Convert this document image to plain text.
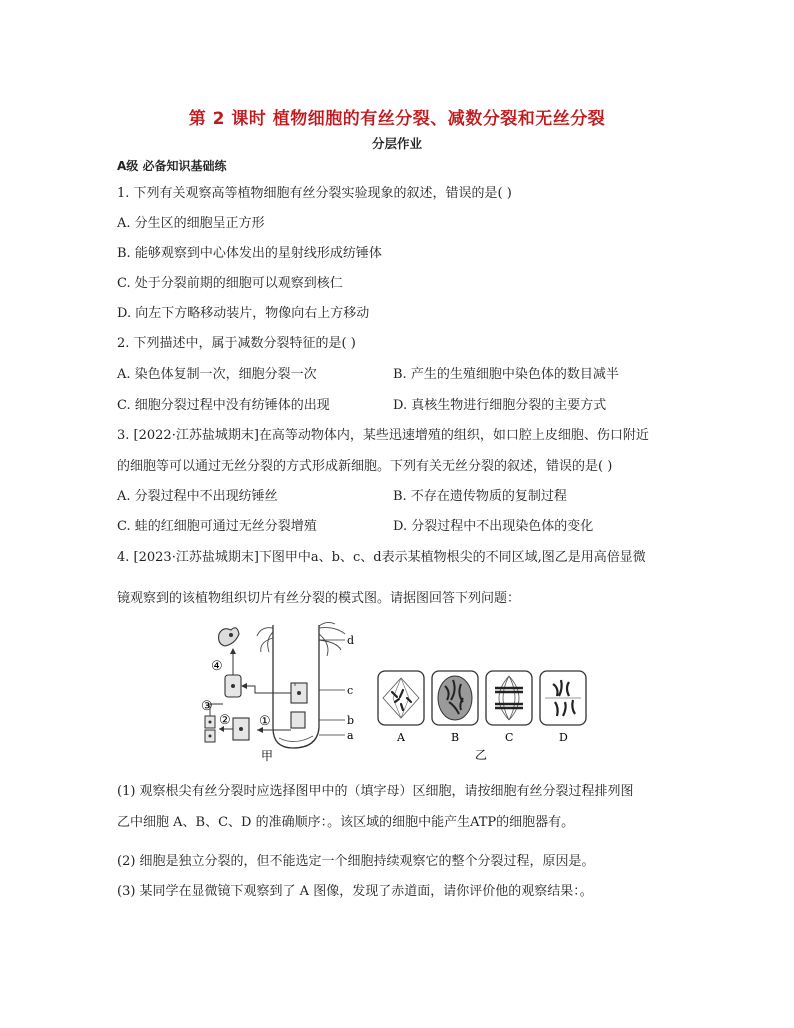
第 2 课时 植物细胞的有丝分裂、减数分裂和无丝分裂
分层作业
A级 必备知识基础练
1. 下列有关观察高等植物细胞有丝分裂实验现象的叙述，错误的是( )
A. 分生区的细胞呈正方形
B. 能够观察到中心体发出的星射线形成纺锤体
C. 处于分裂前期的细胞可以观察到核仁
D. 向左下方略移动装片，物像向右上方移动
2. 下列描述中，属于减数分裂特征的是( )
A. 染色体复制一次，细胞分裂一次	B. 产生的生殖细胞中染色体的数目减半
C. 细胞分裂过程中没有纺锤体的出现	D. 真核生物进行细胞分裂的主要方式
3. [2022·江苏盐城期末]在高等动物体内，某些迅速增殖的组织，如口腔上皮细胞、伤口附近
的细胞等可以通过无丝分裂的方式形成新细胞。下列有关无丝分裂的叙述，错误的是( )
A. 分裂过程中不出现纺锤丝	B. 不存在遗传物质的复制过程
C. 蛙的红细胞可通过无丝分裂增殖	D. 分裂过程中不出现染色体的变化
4. [2023·江苏盐城期末]下图甲中a、b、c、d表示某植物根尖的不同区域,图乙是用高倍显微
镜观察到的该植物组织切片有丝分裂的模式图。请据图回答下列问题：
d
c
b
a
①
②
③
④
甲
A	B	C	D
乙
(1) 观察根尖有丝分裂时应选择图甲中的（填字母）区细胞，请按细胞有丝分裂过程排列图
乙中细胞 A、B、C、D 的准确顺序：。该区域的细胞中能产生ATP的细胞器有。
(2) 细胞是独立分裂的，但不能选定一个细胞持续观察它的整个分裂过程，原因是。
(3) 某同学在显微镜下观察到了 A 图像，发现了赤道面，请你评价他的观察结果：。
